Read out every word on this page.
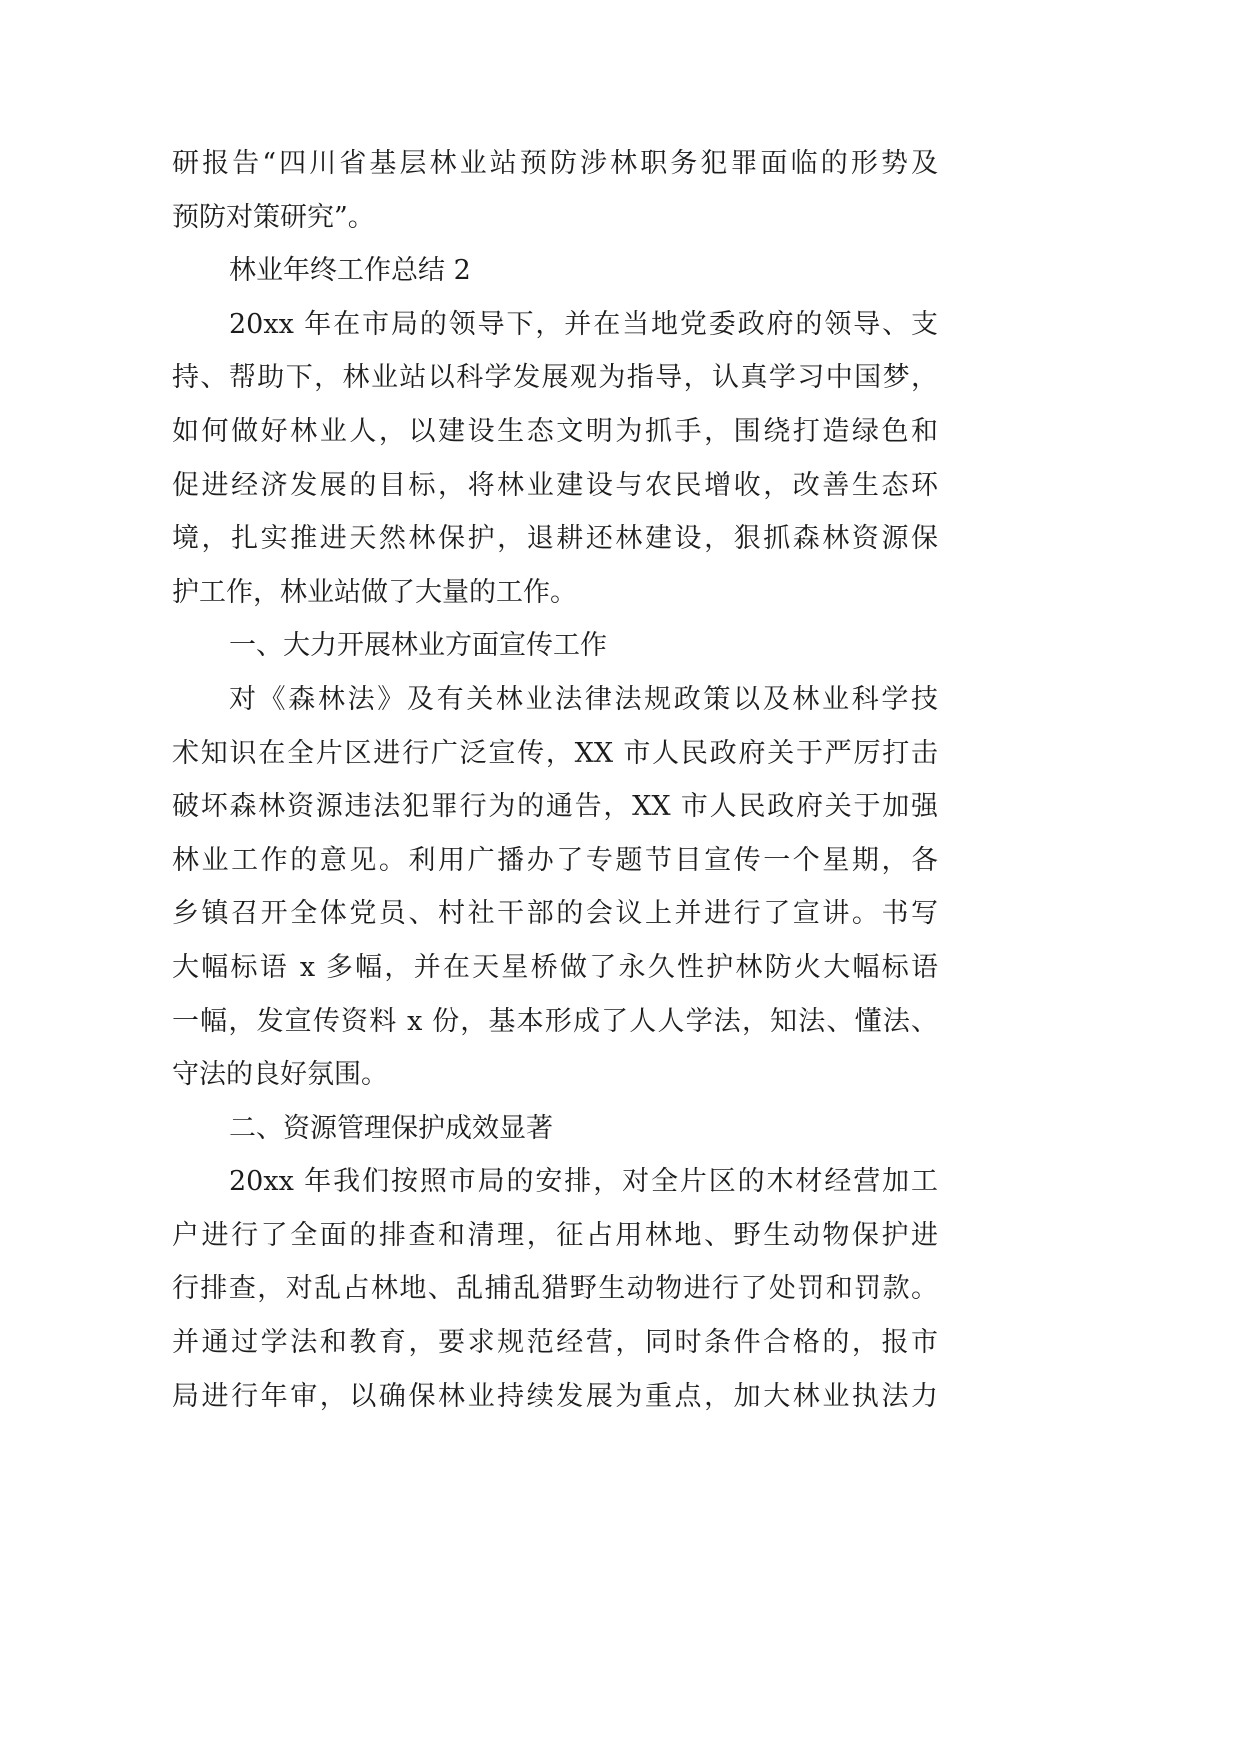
研报告“四川省基层林业站预防涉林职务犯罪面临的形势及
预防对策研究”。
林业年终工作总结 2
20xx 年在市局的领导下，并在当地党委政府的领导、支
持、帮助下，林业站以科学发展观为指导，认真学习中国梦，
如何做好林业人，以建设生态文明为抓手，围绕打造绿色和
促进经济发展的目标，将林业建设与农民增收，改善生态环
境，扎实推进天然林保护，退耕还林建设，狠抓森林资源保
护工作，林业站做了大量的工作。
一、大力开展林业方面宣传工作
对《森林法》及有关林业法律法规政策以及林业科学技
术知识在全片区进行广泛宣传，XX 市人民政府关于严厉打击
破坏森林资源违法犯罪行为的通告，XX 市人民政府关于加强
林业工作的意见。利用广播办了专题节目宣传一个星期，各
乡镇召开全体党员、村社干部的会议上并进行了宣讲。书写
大幅标语 x 多幅，并在天星桥做了永久性护林防火大幅标语
一幅，发宣传资料 x 份，基本形成了人人学法，知法、懂法、
守法的良好氛围。
二、资源管理保护成效显著
20xx 年我们按照市局的安排，对全片区的木材经营加工
户进行了全面的排查和清理，征占用林地、野生动物保护进
行排查，对乱占林地、乱捕乱猎野生动物进行了处罚和罚款。
并通过学法和教育，要求规范经营，同时条件合格的，报市
局进行年审，以确保林业持续发展为重点，加大林业执法力
